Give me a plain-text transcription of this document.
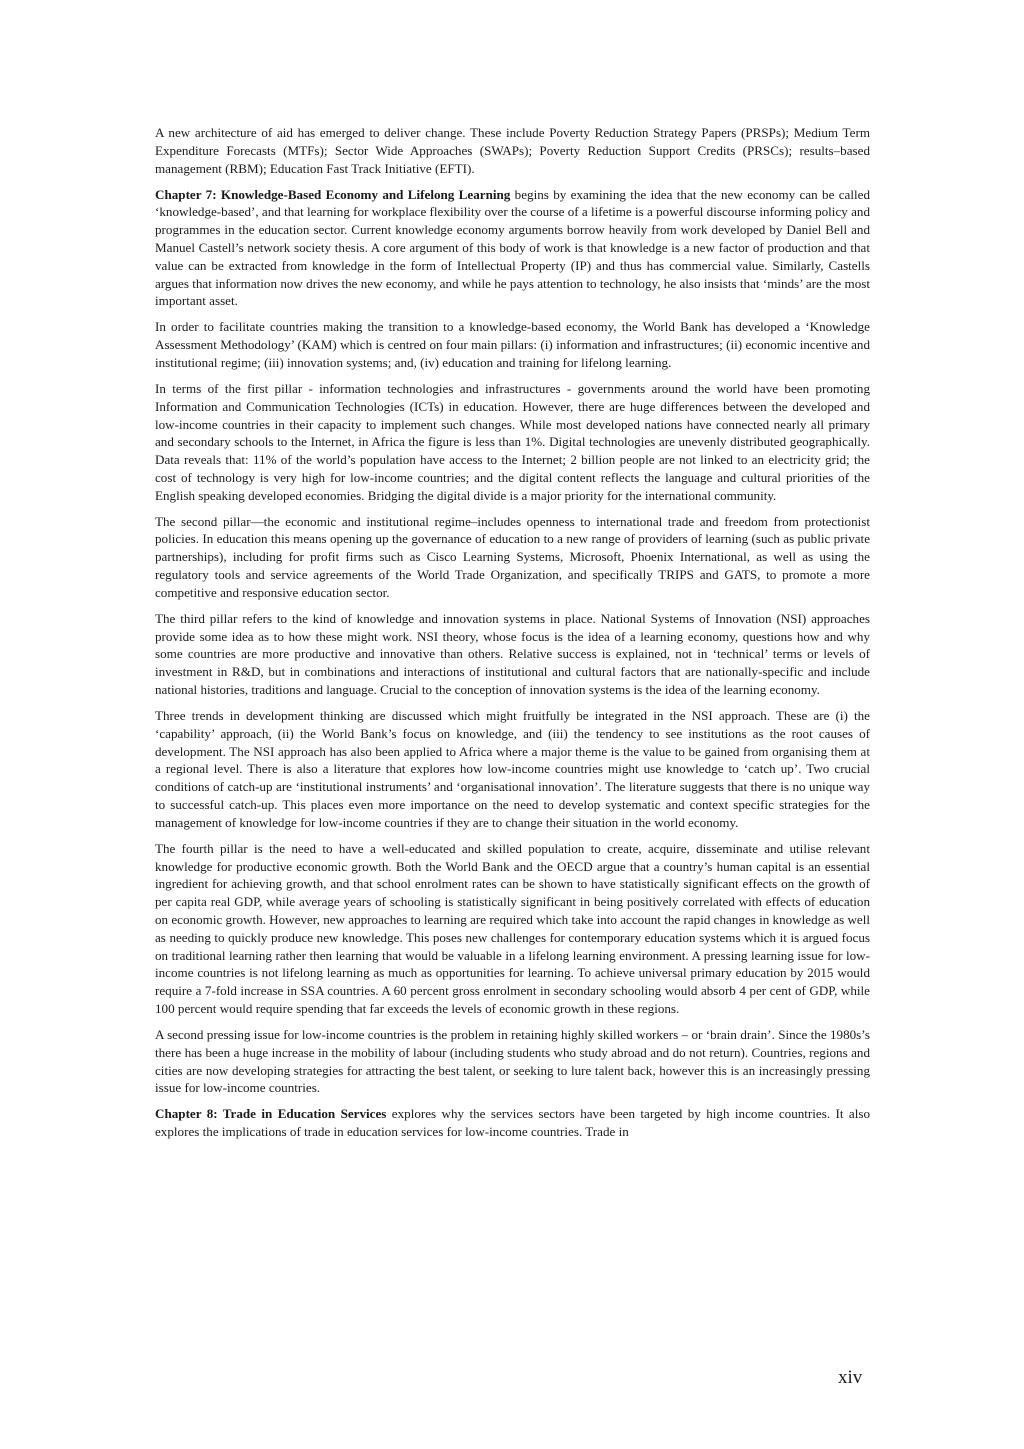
A new architecture of aid has emerged to deliver change. These include Poverty Reduction Strategy Papers (PRSPs); Medium Term Expenditure Forecasts (MTFs); Sector Wide Approaches (SWAPs); Poverty Reduction Support Credits (PRSCs); results–based management (RBM); Education Fast Track Initiative (EFTI).

Chapter 7: Knowledge-Based Economy and Lifelong Learning begins by examining the idea that the new economy can be called ‘knowledge-based’, and that learning for workplace flexibility over the course of a lifetime is a powerful discourse informing policy and programmes in the education sector. Current knowledge economy arguments borrow heavily from work developed by Daniel Bell and Manuel Castell’s network society thesis. A core argument of this body of work is that knowledge is a new factor of production and that value can be extracted from knowledge in the form of Intellectual Property (IP) and thus has commercial value. Similarly, Castells argues that information now drives the new economy, and while he pays attention to technology, he also insists that ‘minds’ are the most important asset.

In order to facilitate countries making the transition to a knowledge-based economy, the World Bank has developed a ‘Knowledge Assessment Methodology’ (KAM) which is centred on four main pillars: (i) information and infrastructures; (ii) economic incentive and institutional regime; (iii) innovation systems; and, (iv) education and training for lifelong learning.

In terms of the first pillar - information technologies and infrastructures - governments around the world have been promoting Information and Communication Technologies (ICTs) in education. However, there are huge differences between the developed and low-income countries in their capacity to implement such changes. While most developed nations have connected nearly all primary and secondary schools to the Internet, in Africa the figure is less than 1%. Digital technologies are unevenly distributed geographically. Data reveals that: 11% of the world’s population have access to the Internet; 2 billion people are not linked to an electricity grid; the cost of technology is very high for low-income countries; and the digital content reflects the language and cultural priorities of the English speaking developed economies. Bridging the digital divide is a major priority for the international community.

The second pillar—the economic and institutional regime–includes openness to international trade and freedom from protectionist policies. In education this means opening up the governance of education to a new range of providers of learning (such as public private partnerships), including for profit firms such as Cisco Learning Systems, Microsoft, Phoenix International, as well as using the regulatory tools and service agreements of the World Trade Organization, and specifically TRIPS and GATS, to promote a more competitive and responsive education sector.

The third pillar refers to the kind of knowledge and innovation systems in place. National Systems of Innovation (NSI) approaches provide some idea as to how these might work. NSI theory, whose focus is the idea of a learning economy, questions how and why some countries are more productive and innovative than others. Relative success is explained, not in ‘technical’ terms or levels of investment in R&D, but in combinations and interactions of institutional and cultural factors that are nationally-specific and include national histories, traditions and language. Crucial to the conception of innovation systems is the idea of the learning economy.

Three trends in development thinking are discussed which might fruitfully be integrated in the NSI approach. These are (i) the ‘capability’ approach, (ii) the World Bank’s focus on knowledge, and (iii) the tendency to see institutions as the root causes of development. The NSI approach has also been applied to Africa where a major theme is the value to be gained from organising them at a regional level. There is also a literature that explores how low-income countries might use knowledge to ‘catch up’. Two crucial conditions of catch-up are ‘institutional instruments’ and ‘organisational innovation’. The literature suggests that there is no unique way to successful catch-up. This places even more importance on the need to develop systematic and context specific strategies for the management of knowledge for low-income countries if they are to change their situation in the world economy.

The fourth pillar is the need to have a well-educated and skilled population to create, acquire, disseminate and utilise relevant knowledge for productive economic growth. Both the World Bank and the OECD argue that a country’s human capital is an essential ingredient for achieving growth, and that school enrolment rates can be shown to have statistically significant effects on the growth of per capita real GDP, while average years of schooling is statistically significant in being positively correlated with effects of education on economic growth. However, new approaches to learning are required which take into account the rapid changes in knowledge as well as needing to quickly produce new knowledge. This poses new challenges for contemporary education systems which it is argued focus on traditional learning rather then learning that would be valuable in a lifelong learning environment. A pressing learning issue for low-income countries is not lifelong learning as much as opportunities for learning. To achieve universal primary education by 2015 would require a 7-fold increase in SSA countries. A 60 percent gross enrolment in secondary schooling would absorb 4 per cent of GDP, while 100 percent would require spending that far exceeds the levels of economic growth in these regions.

A second pressing issue for low-income countries is the problem in retaining highly skilled workers – or ‘brain drain’. Since the 1980s’s there has been a huge increase in the mobility of labour (including students who study abroad and do not return). Countries, regions and cities are now developing strategies for attracting the best talent, or seeking to lure talent back, however this is an increasingly pressing issue for low-income countries.

Chapter 8: Trade in Education Services explores why the services sectors have been targeted by high income countries. It also explores the implications of trade in education services for low-income countries. Trade in

xiv
